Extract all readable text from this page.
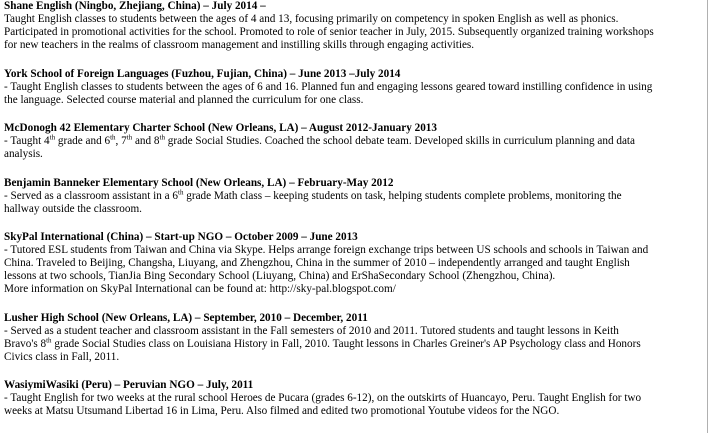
Shane English (Ningbo, Zhejiang, China) – July 2014 –
Taught English classes to students between the ages of 4 and 13, focusing primarily on competency in spoken English as well as phonics.
Participated in promotional activities for the school. Promoted to role of senior teacher in July, 2015. Subsequently organized training workshops
for new teachers in the realms of classroom management and instilling skills through engaging activities.
York School of Foreign Languages (Fuzhou, Fujian, China) – June 2013 –July 2014
- Taught English classes to students between the ages of 6 and 16. Planned fun and engaging lessons geared toward instilling confidence in using
the language. Selected course material and planned the curriculum for one class.
McDonogh 42 Elementary Charter School (New Orleans, LA) – August 2012-January 2013
- Taught 4th grade and 6th, 7th and 8th grade Social Studies. Coached the school debate team. Developed skills in curriculum planning and data
analysis.
Benjamin Banneker Elementary School (New Orleans, LA) – February-May 2012
- Served as a classroom assistant in a 6th grade Math class – keeping students on task, helping students complete problems, monitoring the
hallway outside the classroom.
SkyPal International (China) – Start-up NGO – October 2009 – June 2013
- Tutored ESL students from Taiwan and China via Skype. Helps arrange foreign exchange trips between US schools and schools in Taiwan and
China. Traveled to Beijing, Changsha, Liuyang, and Zhengzhou, China in the summer of 2010 – independently arranged and taught English
lessons at two schools, TianJia Bing Secondary School (Liuyang, China) and ErShaSecondary School (Zhengzhou, China).
More information on SkyPal International can be found at: http://sky-pal.blogspot.com/
Lusher High School (New Orleans, LA) – September, 2010 – December, 2011
- Served as a student teacher and classroom assistant in the Fall semesters of 2010 and 2011. Tutored students and taught lessons in Keith
Bravo's 8th grade Social Studies class on Louisiana History in Fall, 2010. Taught lessons in Charles Greiner's AP Psychology class and Honors
Civics class in Fall, 2011.
WasiymiWasiki (Peru) – Peruvian NGO – July, 2011
- Taught English for two weeks at the rural school Heroes de Pucara (grades 6-12), on the outskirts of Huancayo, Peru. Taught English for two
weeks at Matsu Utsumand Libertad 16 in Lima, Peru. Also filmed and edited two promotional Youtube videos for the NGO.
